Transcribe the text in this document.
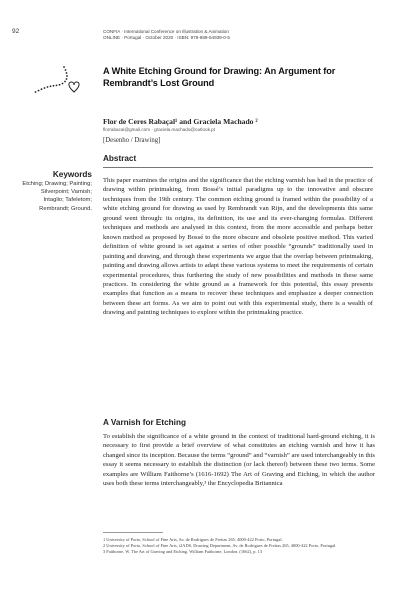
92	CONFIA · International Conference on Illustration & Animation
ONLINE · Portugal · October 2020 · ISBN: 978-989-54939-0-5
A White Etching Ground for Drawing: An Argument for Rembrandt’s Lost Ground
Flor de Ceres Rabaçal¹ and Graciela Machado ²
florrabacal@gmail.com · graciela.machado@outlook.pt
[Desenho / Drawing]
Keywords
Etching; Drawing; Painting; Silverpoint; Varnish; Intaglio; Tafeletom; Rembrandt; Ground.
Abstract

This paper examines the origins and the significance that the etching varnish has had in the practice of drawing within printmaking, from Bossé’s initial paradigms up to the innovative and obscure techniques from the 19th century. The common etching ground is framed within the possibility of a white etching ground for drawing as used by Rembrandt van Rijn, and the developments this same ground went through: its origins, its definition, its use and its ever-changing formulas. Different techniques and methods are analysed in this context, from the more accessible and perhaps better known method as proposed by Bossé to the more obscure and obsolete positive method. This varied definition of white ground is set against a series of other possible “grounds” traditionally used in painting and drawing, and through these experiments we argue that the overlap between printmaking, painting and drawing allows artists to adapt these various systems to meet the requirements of certain experimental procedures, thus furthering the study of new possibilities and methods in these same practices. In considering the white ground as a framework for this potential, this essay presents examples that function as a means to recover these techniques and emphasize a deeper connection between these art forms. As we aim to point out with this experimental study, there is a wealth of drawing and painting techniques to explore within the printmaking practice.

A Varnish for Etching

To establish the significance of a white ground in the context of traditional hard-ground etching, it is necessary to first provide a brief overview of what constitutes an etching varnish and how it has changed since its inception. Because the terms “ground” and “varnish” are used interchangeably in this essay it seems necessary to establish the distinction (or lack thereof) between these two terms. Some examples are William Faithorne’s (1616-1692) The Art of Graving and Etching, in which the author uses both these terms interchangeably,³ the Encyclopedia Britannica

1 University of Porto, School of Fine Arts, Av. de Rodrigues de Freitas 265, 4000-422 Porto, Portugal.
2 University of Porto, School of Fine Arts, i2ADS, Drawing Department, Av. de Rodrigues de Freitas 265, 4000-422 Porto, Portugal.
3 Faithorne, W. The Art of Graving and Etching. William Faithorne, London. (1662), p. 13
